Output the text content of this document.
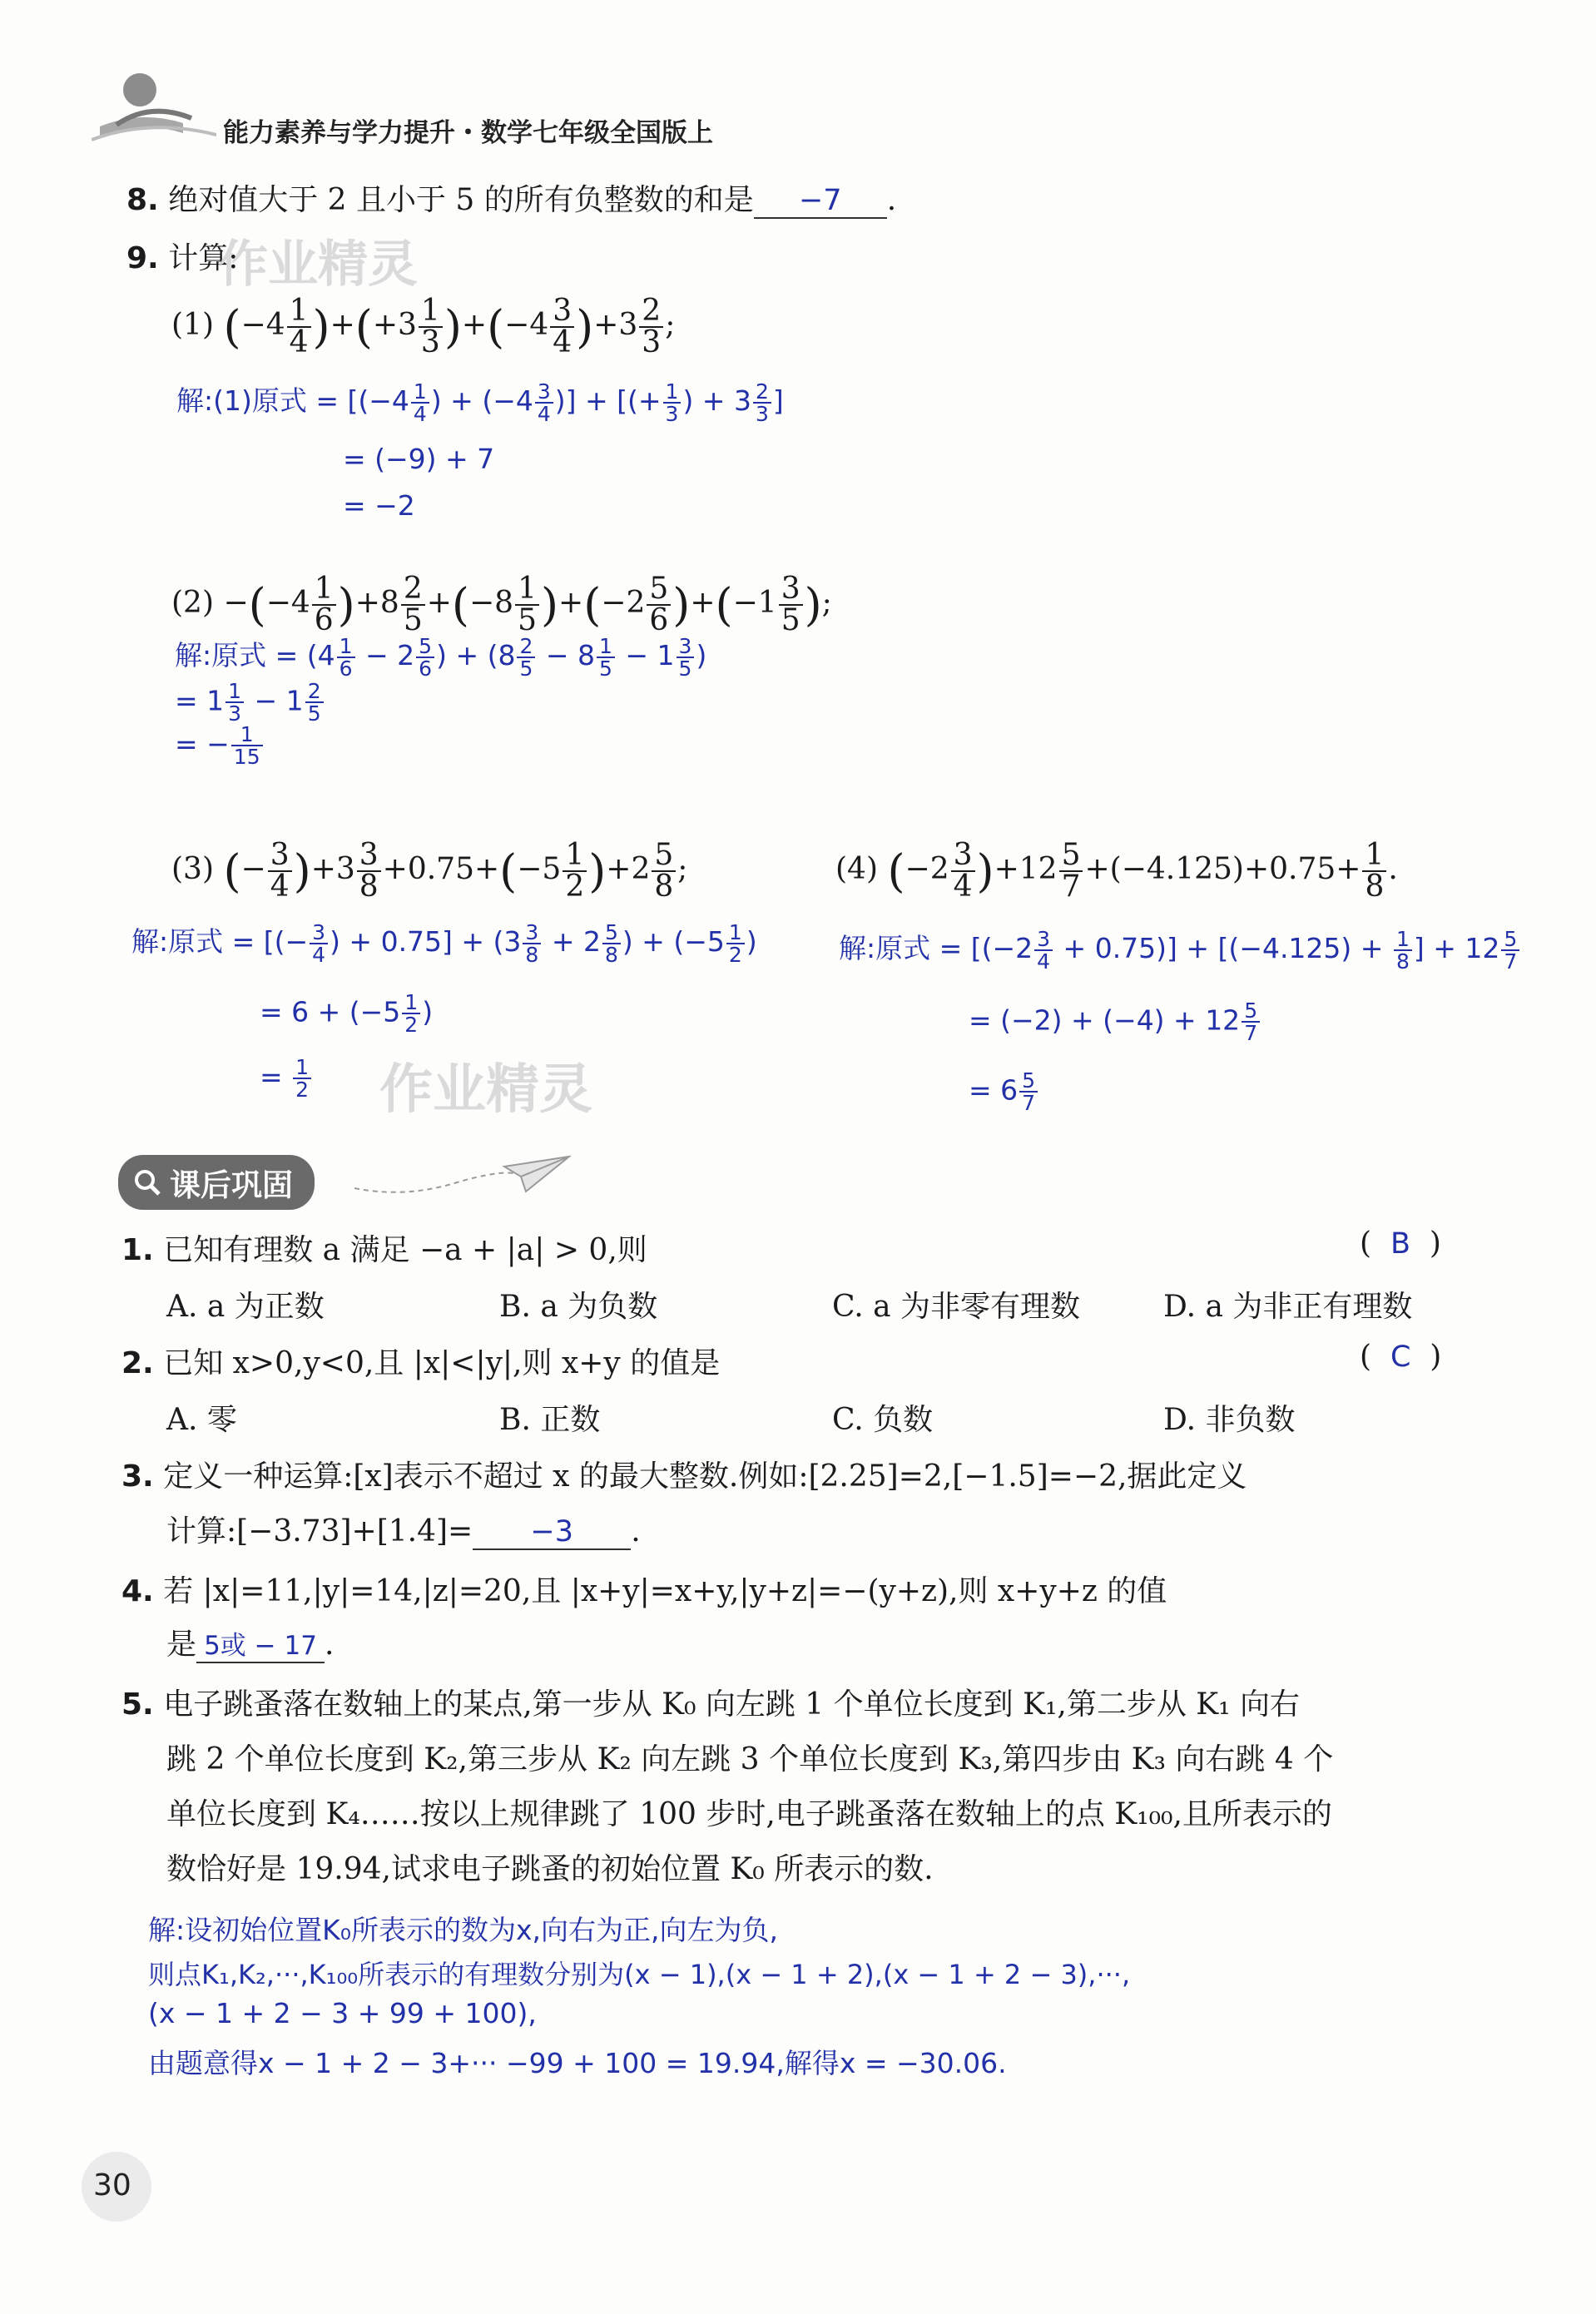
能力素养与学力提升・数学七年级全国版上
8. 绝对值大于 2 且小于 5 的所有负整数的和是 −7 .
9. 计算:
作业精灵
(1) $(-4 \frac{1}{4} )+(+3 \frac{1}{3} )+(-4 \frac{3}{4} )+3 \frac{2}{3}$ ;
解:(1)原式 = [($-4 \frac{1}{4}$ ) + ($-4 \frac{3}{4}$ )] + [(+ $\frac{1}{3}$ ) + $3 \frac{2}{3}$ ]
= (−9) + 7
= −2
$(2) -(-4 \frac{1}{6} )+8 \frac{2}{5} +(-8 \frac{1}{5} )+(-2 \frac{5}{6} )+(-1 \frac{3}{5}$ );
解:原式 = ($4 \frac{1}{6} - 2 \frac{5}{6}$ ) + ($8 \frac{2}{5} - 8 \frac{1}{5} - 1 \frac{3}{5}$ )
= $1 \frac{1}{3} - 1 \frac{2}{5}$
= − $\frac{1}{15}$
(3) (− $\frac{3}{4} )+3 \frac{3}{8} +0.75+(-5 \frac{1}{2} )+2 \frac{5}{8}$ ;
解:原式 = [(− $\frac{3}{4}$ ) + $0.75] + (3 \frac{3}{8} + 2 \frac{5}{8}$ ) + ($-5 \frac{1}{2}$ )
= $6 + (-5 \frac{1}{2}$ )
= $\frac{1}{2}$ 作业精灵
(4) $(-2 \frac{3}{4} )+12 \frac{5}{7} +(-4.125)+0.75+ \frac{1}{8}$ .
解:原式 = $[(-2 \frac{3}{4} + 0.75)] + [(-4.125) + \frac{1}{8}$ ] + $12 \frac{5}{7}$
= $(-2) + (-4) + 12 \frac{5}{7}$
= $6 \frac{5}{7}$
课后巩固
1. 已知有理数 a 满足 −a + |a| > 0,则	(  B  )
A. a 为正数	B. a 为负数	C. a 为非零有理数	D. a 为非正有理数
2. 已知 x>0,y<0,且 |x|<|y|,则 x+y 的值是	(  C  )
A. 零	B. 正数	C. 负数	D. 非负数
3. 定义一种运算:[x]表示不超过 x 的最大整数.例如:[2.25]=2,[−1.5]=−2,据此定义
计算:[−3.73]+[1.4]= −3 .
4. 若 |x|=11,|y|=14,|z|=20,且 |x+y|=x+y,|y+z|=−(y+z),则 x+y+z 的值
是 5或 − 17 .
5. 电子跳蚤落在数轴上的某点,第一步从 K₀ 向左跳 1 个单位长度到 K₁,第二步从 K₁ 向右
跳 2 个单位长度到 K₂,第三步从 K₂ 向左跳 3 个单位长度到 K₃,第四步由 K₃ 向右跳 4 个
单位长度到 K₄……按以上规律跳了 100 步时,电子跳蚤落在数轴上的点 K₁₀₀,且所表示的
数恰好是 19.94,试求电子跳蚤的初始位置 K₀ 所表示的数.
解:设初始位置K₀所表示的数为x,向右为正,向左为负,
则点K₁,K₂,···,K₁₀₀所表示的有理数分别为(x − 1),(x − 1 + 2),(x − 1 + 2 − 3),···,
(x − 1 + 2 − 3 + 99 + 100),
由题意得x − 1 + 2 − 3+··· −99 + 100 = 19.94,解得x = −30.06.
30
